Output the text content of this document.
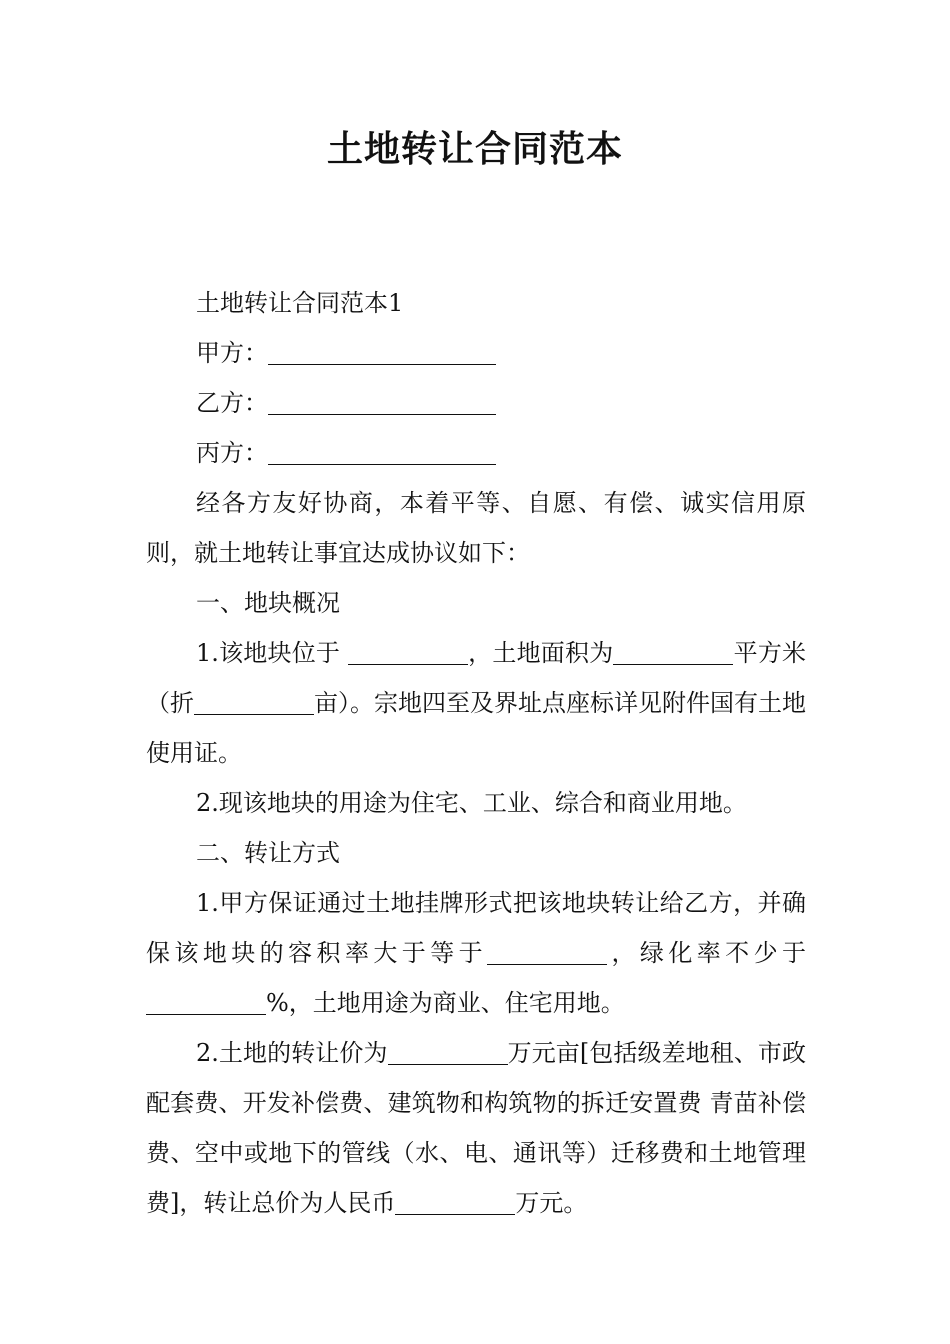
土地转让合同范本

土地转让合同范本1

甲方：

乙方：

丙方：

经各方友好协商，本着平等、自愿、有偿、诚实信用原则，就土地转让事宜达成协议如下：

一、地块概况

1.该地块位于	，土地面积为	平方米（折	亩）。宗地四至及界址点座标详见附件国有土地使用证。

2.现该地块的用途为住宅、工业、综合和商业用地。

二、转让方式

1.甲方保证通过土地挂牌形式把该地块转让给乙方，并确保该地块的容积率大于等于	，绿化率不少于%，土地用途为商业、住宅用地。

2.土地的转让价为	万元亩[包括级差地租、市政配套费、开发补偿费、建筑物和构筑物的拆迁安置费 青苗补偿费、空中或地下的管线（水、电、通讯等）迁移费和土地管理费]，转让总价为人民币	万元。
